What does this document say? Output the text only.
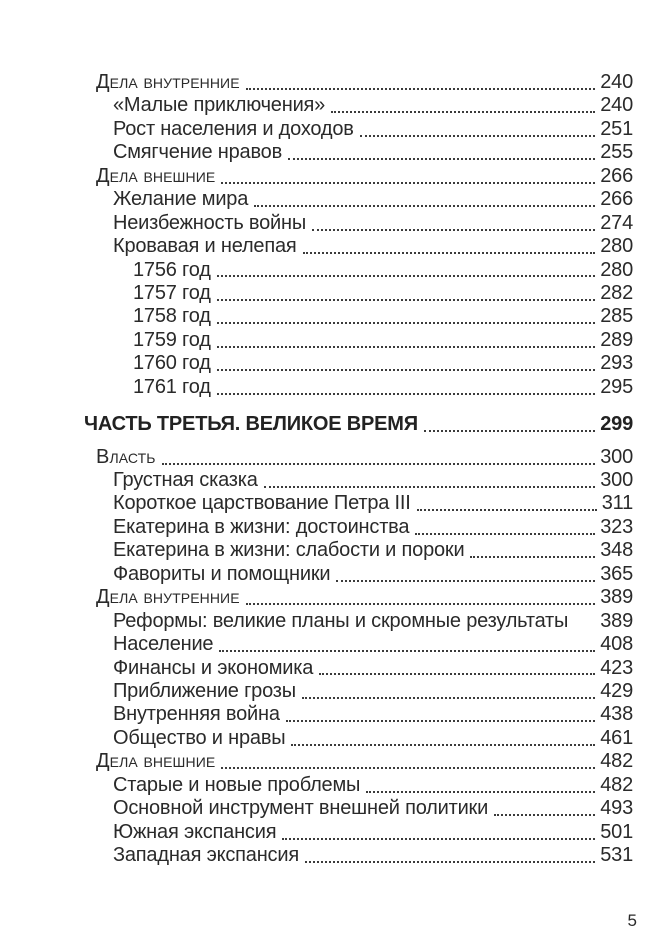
Дела внутренние	240
«Малые приключения»	240
Рост населения и доходов	251
Смягчение нравов	255
Дела внешние	266
Желание мира	266
Неизбежность войны	274
Кровавая и нелепая	280
1756 год	280
1757 год	282
1758 год	285
1759 год	289
1760 год	293
1761 год	295
ЧАСТЬ ТРЕТЬЯ. ВЕЛИКОЕ ВРЕМЯ	299
Власть	300
Грустная сказка	300
Короткое царствование Петра III	311
Екатерина в жизни: достоинства	323
Екатерина в жизни: слабости и пороки	348
Фавориты и помощники	365
Дела внутренние	389
Реформы: великие планы и скромные результаты 389
Население	408
Финансы и экономика	423
Приближение грозы	429
Внутренняя война	438
Общество и нравы	461
Дела внешние	482
Старые и новые проблемы	482
Основной инструмент внешней политики	493
Южная экспансия	501
Западная экспансия	531
5
